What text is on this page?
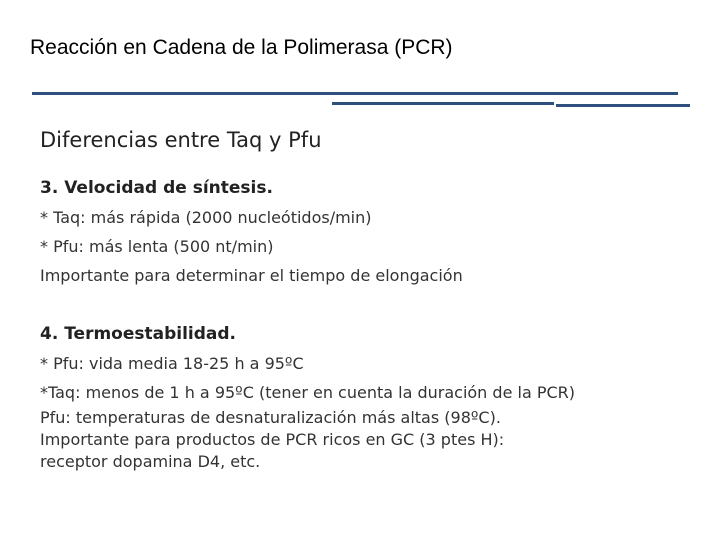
Reacción en Cadena de la Polimerasa (PCR)
Diferencias entre Taq y Pfu
3. Velocidad de síntesis.
* Taq: más rápida (2000 nucleótidos/min)
* Pfu: más lenta (500 nt/min)
Importante para determinar el tiempo de elongación
4. Termoestabilidad.
* Pfu: vida media 18-25 h a 95ºC
*Taq: menos de 1 h a 95ºC (tener en cuenta la duración de la PCR)
Pfu: temperaturas de desnaturalización más altas (98ºC).
Importante para productos de PCR ricos en GC (3 ptes H):
receptor dopamina D4, etc.
